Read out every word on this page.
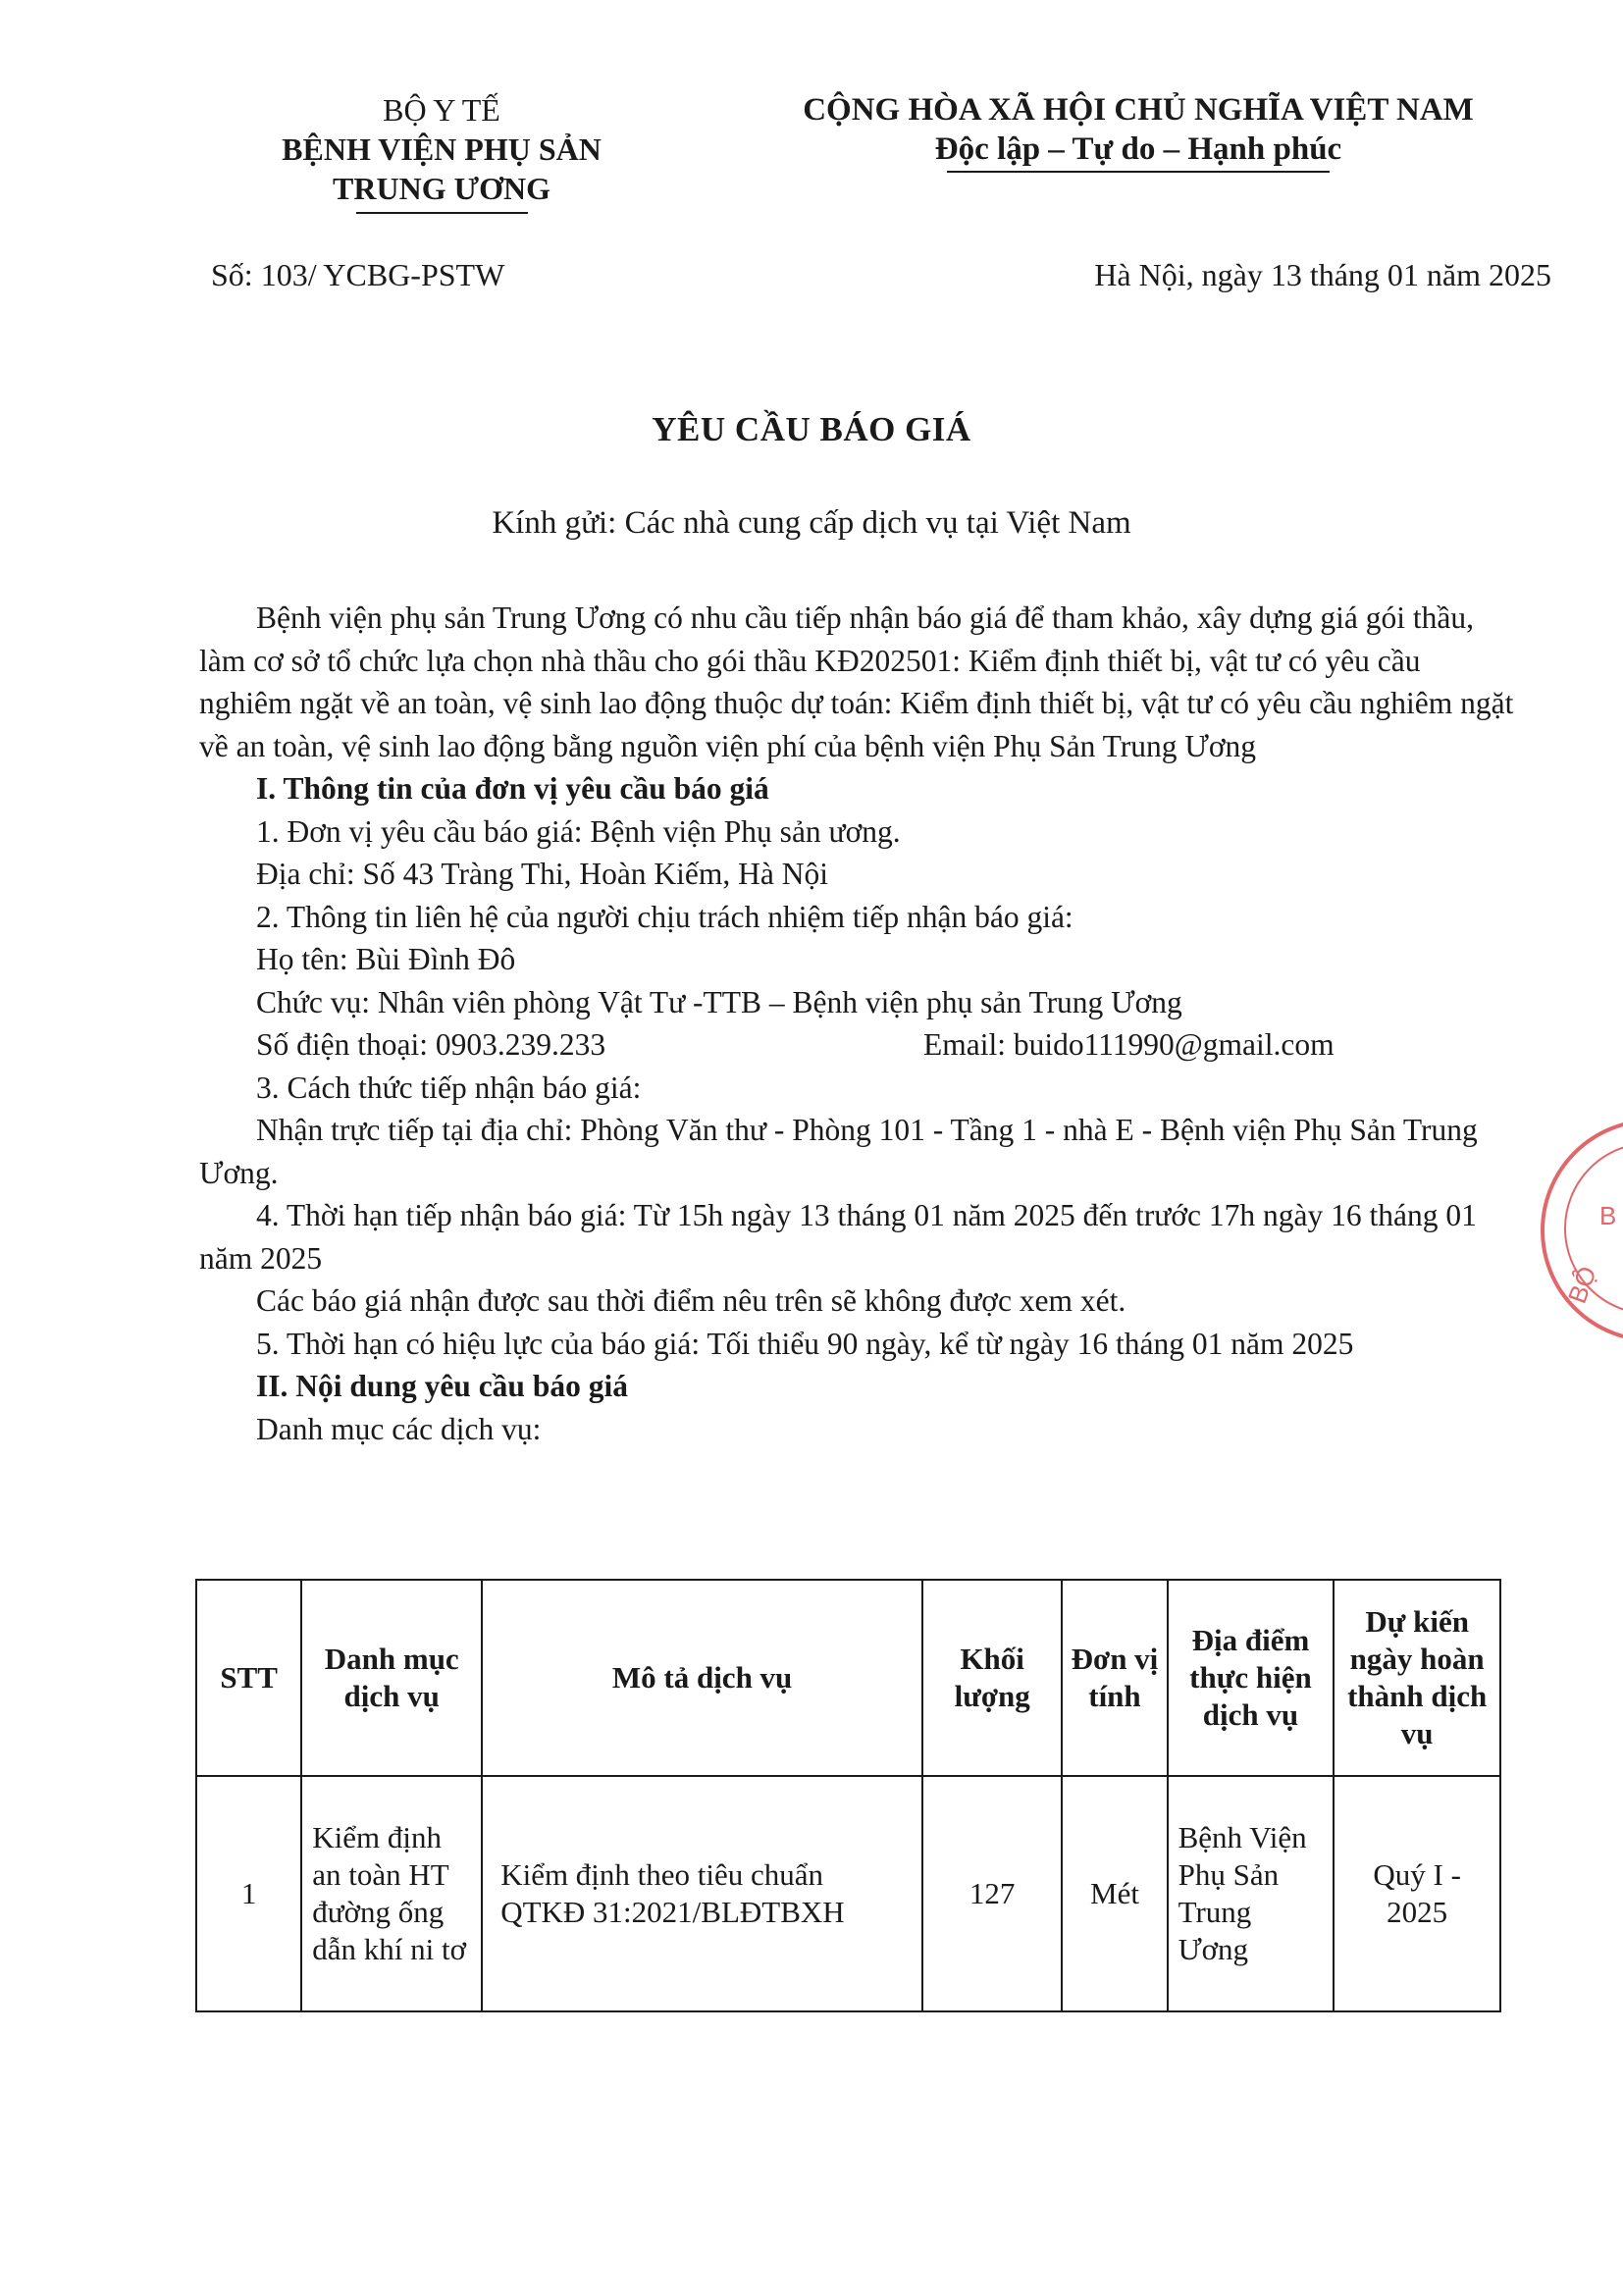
BỘ Y TẾ
BỆNH VIỆN PHỤ SẢN
TRUNG ƯƠNG
CỘNG HÒA XÃ HỘI CHỦ NGHĨA VIỆT NAM
Độc lập – Tự do – Hạnh phúc
Số: 103/ YCBG-PSTW	Hà Nội, ngày 13 tháng 01 năm 2025
YÊU CẦU BÁO GIÁ
Kính gửi: Các nhà cung cấp dịch vụ tại Việt Nam

Bệnh viện phụ sản Trung Ương có nhu cầu tiếp nhận báo giá để tham khảo, xây dựng giá gói thầu, làm cơ sở tổ chức lựa chọn nhà thầu cho gói thầu KĐ202501: Kiểm định thiết bị, vật tư có yêu cầu nghiêm ngặt về an toàn, vệ sinh lao động thuộc dự toán: Kiểm định thiết bị, vật tư có yêu cầu nghiêm ngặt về an toàn, vệ sinh lao động bằng nguồn viện phí của bệnh viện Phụ Sản Trung Ương

I. Thông tin của đơn vị yêu cầu báo giá

1. Đơn vị yêu cầu báo giá: Bệnh viện Phụ sản ương.

Địa chỉ: Số 43 Tràng Thi, Hoàn Kiếm, Hà Nội

2. Thông tin liên hệ của người chịu trách nhiệm tiếp nhận báo giá:

Họ tên: Bùi Đình Đô

Chức vụ: Nhân viên phòng Vật Tư -TTB – Bệnh viện phụ sản Trung Ương

Số điện thoại: 0903.239.233	Email: buido111990@gmail.com

3. Cách thức tiếp nhận báo giá:

Nhận trực tiếp tại địa chỉ: Phòng Văn thư - Phòng 101 - Tầng 1 - nhà E - Bệnh viện Phụ Sản Trung Ương.

4. Thời hạn tiếp nhận báo giá: Từ 15h ngày 13 tháng 01 năm 2025 đến trước 17h ngày 16 tháng 01 năm 2025

Các báo giá nhận được sau thời điểm nêu trên sẽ không được xem xét.

5. Thời hạn có hiệu lực của báo giá: Tối thiểu 90 ngày, kể từ ngày 16 tháng 01 năm 2025

II. Nội dung yêu cầu báo giá

Danh mục các dịch vụ:

STT	Danh mục dịch vụ	Mô tả dịch vụ	Khối lượng	Đơn vị tính	Địa điểm thực hiện dịch vụ	Dự kiến ngày hoàn thành dịch vụ
1	Kiểm định an toàn HT đường ống dẫn khí ni tơ	Kiểm định theo tiêu chuẩn QTKĐ 31:2021/BLĐTBXH	127	Mét	Bệnh Viện Phụ Sản Trung Ương	Quý I - 2025
B
BỘ
